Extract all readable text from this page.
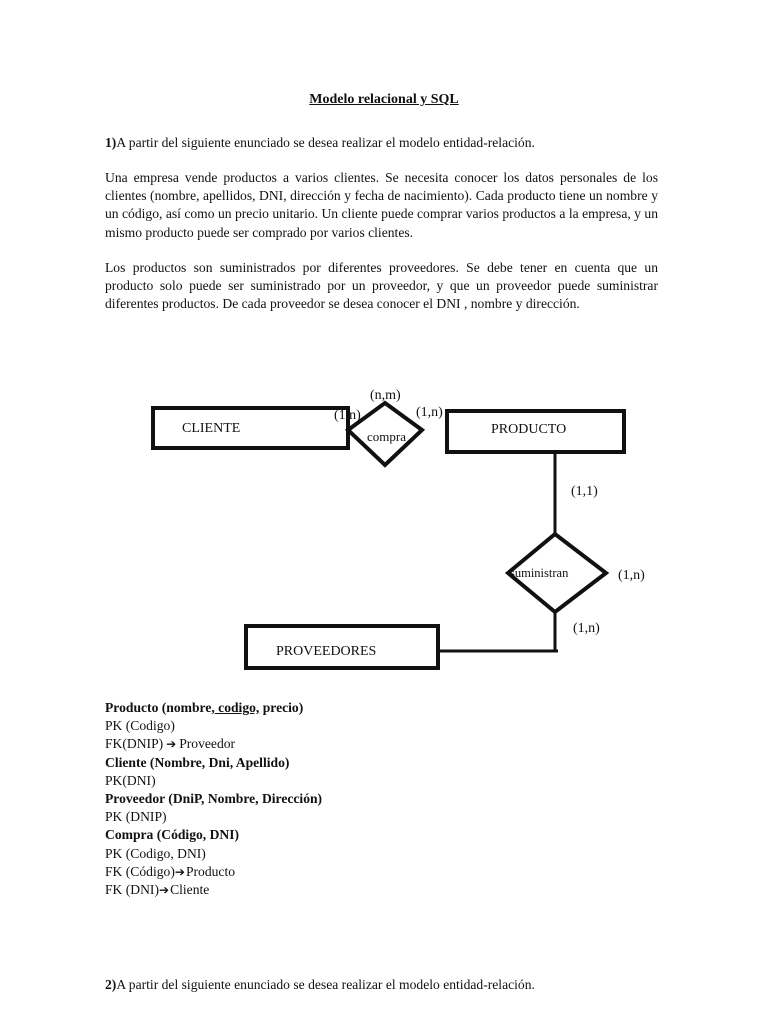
Modelo relacional y SQL

1)A partir del siguiente enunciado se desea realizar el modelo entidad-relación.

Una empresa vende productos a varios clientes. Se necesita conocer los datos personales de los clientes (nombre, apellidos, DNI, dirección y fecha de nacimiento). Cada producto tiene un nombre y un código, así como un precio unitario. Un cliente puede comprar varios productos a la empresa, y un mismo producto puede ser comprado por varios clientes.

Los productos son suministrados por diferentes proveedores. Se debe tener en cuenta que un producto solo puede ser suministrado por un proveedor, y que un proveedor puede suministrar diferentes productos. De cada proveedor se desea conocer el DNI , nombre y dirección.

CLIENTE	PRODUCTO
PROVEEDORES
compra
suministran
(n,m)
(1,n)	(1,n)
(1,1)
(1,n)
(1,n)
Producto (nombre, codigo, precio)
PK (Codigo)
FK(DNIP) ➔ Proveedor
Cliente (Nombre, Dni, Apellido)
PK(DNI)
Proveedor (DniP, Nombre, Dirección)
PK (DNIP)
Compra (Código, DNI)
PK (Codigo, DNI)
FK (Código)➔Producto
FK (DNI)➔Cliente

2)A partir del siguiente enunciado se desea realizar el modelo entidad-relación.
